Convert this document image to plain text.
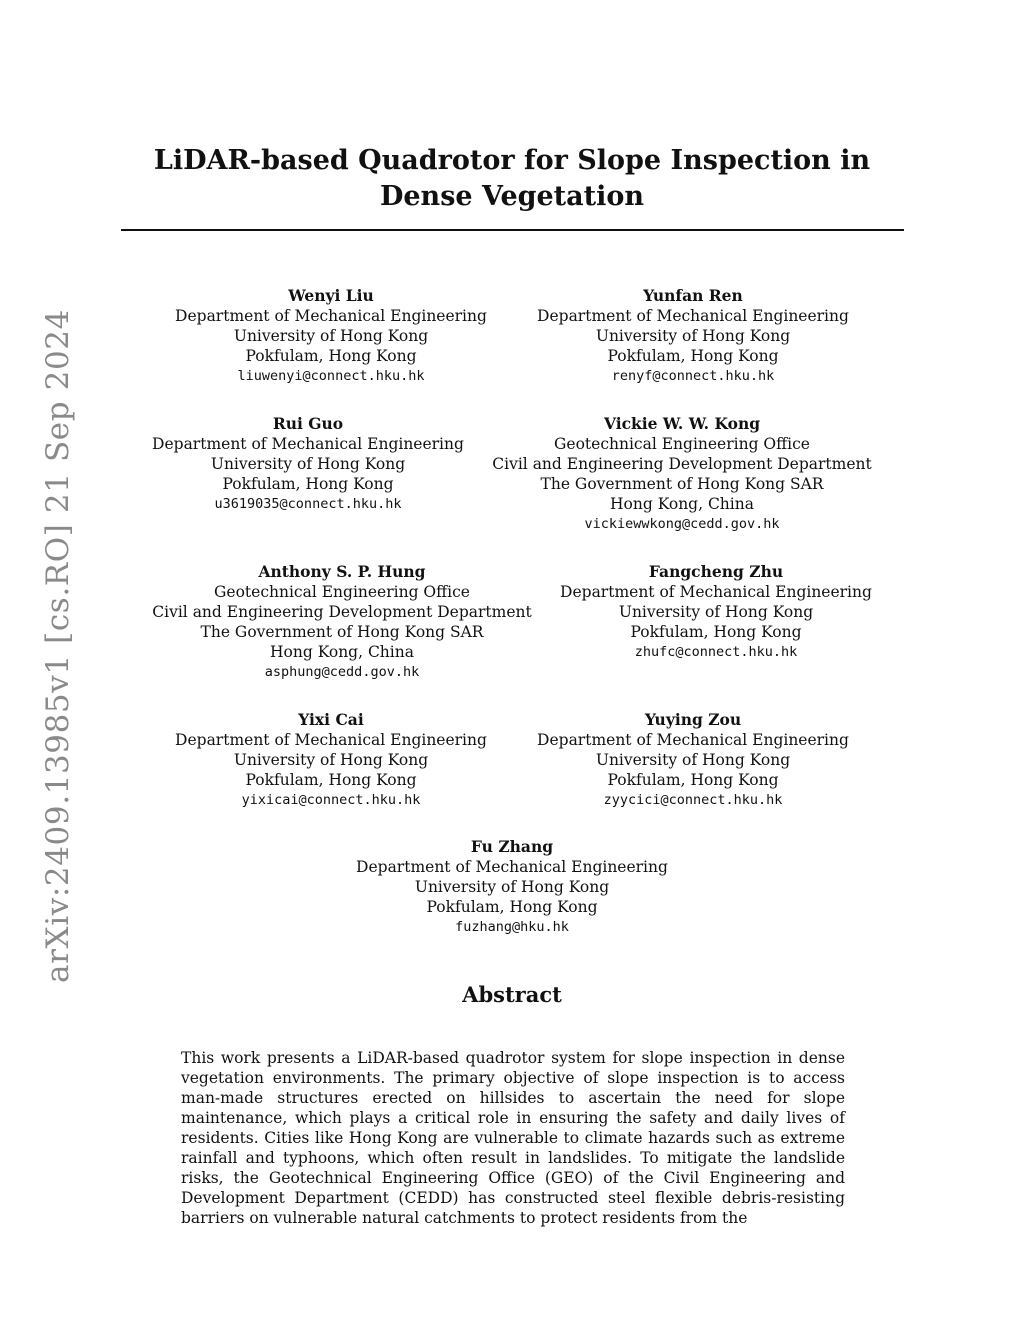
arXiv:2409.13985v1 [cs.RO] 21 Sep 2024
LiDAR-based Quadrotor for Slope Inspection in Dense Vegetation
Wenyi Liu
Department of Mechanical Engineering
University of Hong Kong
Pokfulam, Hong Kong
liuwenyi@connect.hku.hk
Yunfan Ren
Department of Mechanical Engineering
University of Hong Kong
Pokfulam, Hong Kong
renyf@connect.hku.hk
Rui Guo
Department of Mechanical Engineering
University of Hong Kong
Pokfulam, Hong Kong
u3619035@connect.hku.hk
Vickie W. W. Kong
Geotechnical Engineering Office
Civil and Engineering Development Department
The Government of Hong Kong SAR
Hong Kong, China
vickiewwkong@cedd.gov.hk
Anthony S. P. Hung
Geotechnical Engineering Office
Civil and Engineering Development Department
The Government of Hong Kong SAR
Hong Kong, China
asphung@cedd.gov.hk
Fangcheng Zhu
Department of Mechanical Engineering
University of Hong Kong
Pokfulam, Hong Kong
zhufc@connect.hku.hk
Yixi Cai
Department of Mechanical Engineering
University of Hong Kong
Pokfulam, Hong Kong
yixicai@connect.hku.hk
Yuying Zou
Department of Mechanical Engineering
University of Hong Kong
Pokfulam, Hong Kong
zyycici@connect.hku.hk
Fu Zhang
Department of Mechanical Engineering
University of Hong Kong
Pokfulam, Hong Kong
fuzhang@hku.hk
Abstract

This work presents a LiDAR-based quadrotor system for slope inspection in dense vegetation environments. The primary objective of slope inspection is to access man-made structures erected on hillsides to ascertain the need for slope maintenance, which plays a critical role in ensuring the safety and daily lives of residents. Cities like Hong Kong are vulnerable to climate hazards such as extreme rainfall and typhoons, which often result in landslides. To mitigate the landslide risks, the Geotechnical Engineering Office (GEO) of the Civil Engineering and Development Department (CEDD) has constructed steel flexible debris-resisting barriers on vulnerable natural catchments to protect residents from the
